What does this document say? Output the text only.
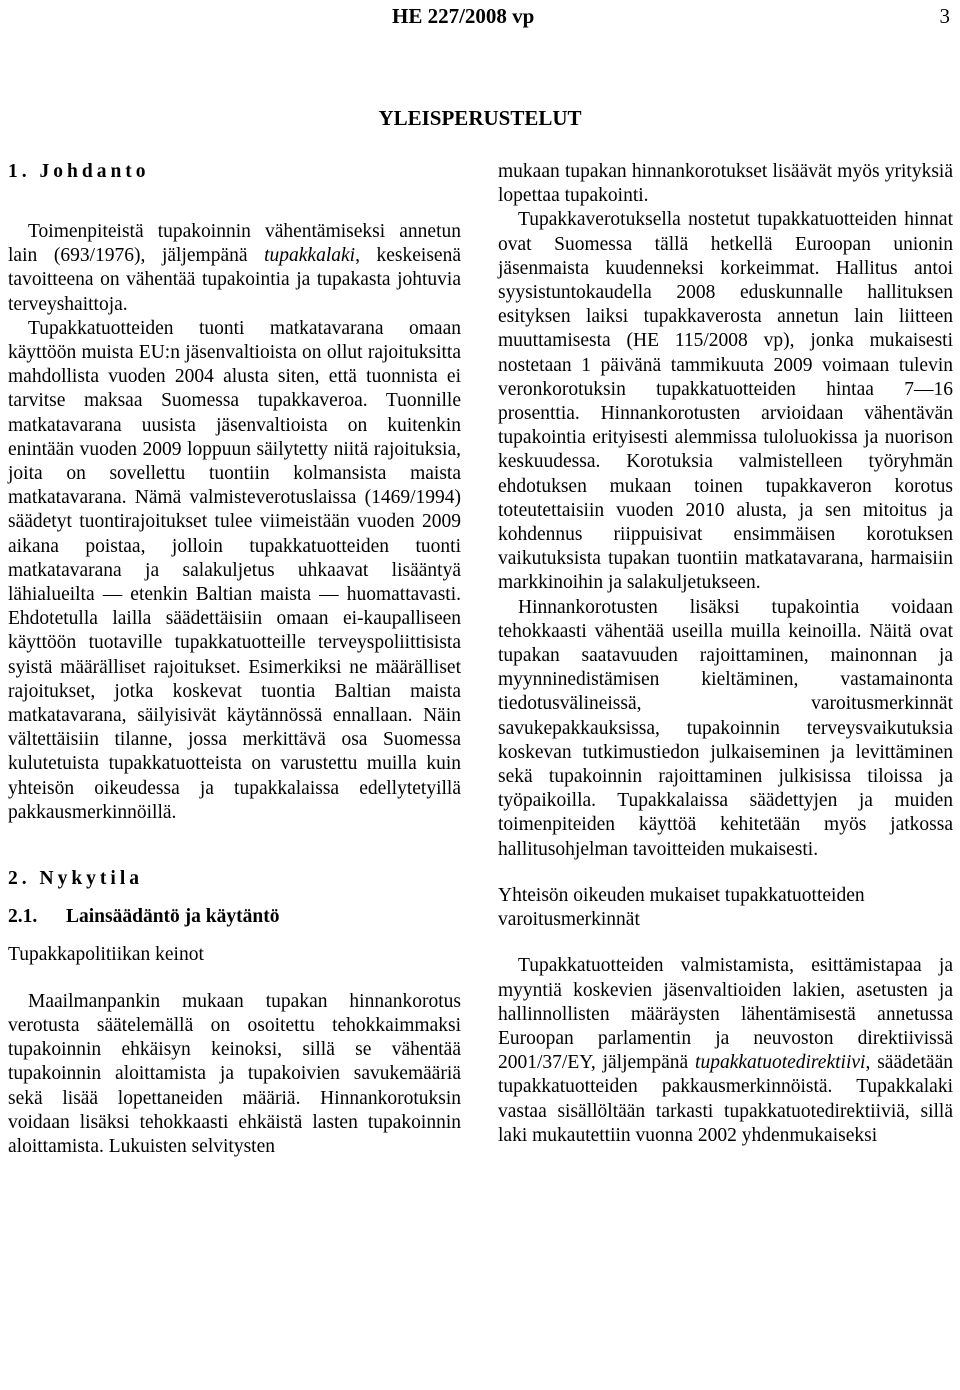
HE 227/2008 vp	3
YLEISPERUSTELUT
1. Johdanto

Toimenpiteistä tupakoinnin vähentämiseksi annetun lain (693/1976), jäljempänä tupakkalaki, keskeisenä tavoitteena on vähentää tupakointia ja tupakasta johtuvia terveyshaittoja.

Tupakkatuotteiden tuonti matkatavarana omaan käyttöön muista EU:n jäsenvaltioista on ollut rajoituksitta mahdollista vuoden 2004 alusta siten, että tuonnista ei tarvitse maksaa Suomessa tupakkaveroa. Tuonnille matkatavarana uusista jäsenvaltioista on kuitenkin enintään vuoden 2009 loppuun säilytetty niitä rajoituksia, joita on sovellettu tuontiin kolmansista maista matkatavarana. Nämä valmisteverotuslaissa (1469/1994) säädetyt tuontirajoitukset tulee viimeistään vuoden 2009 aikana poistaa, jolloin tupakkatuotteiden tuonti matkatavarana ja salakuljetus uhkaavat lisääntyä lähialueilta ― etenkin Baltian maista ― huomattavasti. Ehdotetulla lailla säädettäisiin omaan ei-kaupalliseen käyttöön tuotaville tupakkatuotteille terveyspoliittisista syistä määrälliset rajoitukset. Esimerkiksi ne määrälliset rajoitukset, jotka koskevat tuontia Baltian maista matkatavarana, säilyisivät käytännössä ennallaan. Näin vältettäisiin tilanne, jossa merkittävä osa Suomessa kulutetuista tupakkatuotteista on varustettu muilla kuin yhteisön oikeudessa ja tupakkalaissa edellytetyillä pakkausmerkinnöillä.

2. Nykytila
2.1. Lainsäädäntö ja käytäntö
Tupakkapolitiikan keinot

Maailmanpankin mukaan tupakan hinnankorotus verotusta säätelemällä on osoitettu tehokkaimmaksi tupakoinnin ehkäisyn keinoksi, sillä se vähentää tupakoinnin aloittamista ja tupakoivien savukemääriä sekä lisää lopettaneiden määriä. Hinnankorotuksin voidaan lisäksi tehokkaasti ehkäistä lasten tupakoinnin aloittamista. Lukuisten selvitysten

mukaan tupakan hinnankorotukset lisäävät myös yrityksiä lopettaa tupakointi.

Tupakkaverotuksella nostetut tupakkatuotteiden hinnat ovat Suomessa tällä hetkellä Euroopan unionin jäsenmaista kuudenneksi korkeimmat. Hallitus antoi syysistuntokaudella 2008 eduskunnalle hallituksen esityksen laiksi tupakkaverosta annetun lain liitteen muuttamisesta (HE 115/2008 vp), jonka mukaisesti nostetaan 1 päivänä tammikuuta 2009 voimaan tulevin veronkorotuksin tupakkatuotteiden hintaa 7—16 prosenttia. Hinnankorotusten arvioidaan vähentävän tupakointia erityisesti alemmissa tuloluokissa ja nuorison keskuudessa. Korotuksia valmistelleen työryhmän ehdotuksen mukaan toinen tupakkaveron korotus toteutettaisiin vuoden 2010 alusta, ja sen mitoitus ja kohdennus riippuisivat ensimmäisen korotuksen vaikutuksista tupakan tuontiin matkatavarana, harmaisiin markkinoihin ja salakuljetukseen.

Hinnankorotusten lisäksi tupakointia voidaan tehokkaasti vähentää useilla muilla keinoilla. Näitä ovat tupakan saatavuuden rajoittaminen, mainonnan ja myynninedistämisen kieltäminen, vastamainonta tiedotusvälineissä, varoitusmerkinnät savukepakkauksissa, tupakoinnin terveysvaikutuksia koskevan tutkimustiedon julkaiseminen ja levittäminen sekä tupakoinnin rajoittaminen julkisissa tiloissa ja työpaikoilla. Tupakkalaissa säädettyjen ja muiden toimenpiteiden käyttöä kehitetään myös jatkossa hallitusohjelman tavoitteiden mukaisesti.

Yhteisön oikeuden mukaiset tupakkatuotteiden varoitusmerkinnät

Tupakkatuotteiden valmistamista, esittämistapaa ja myyntiä koskevien jäsenvaltioiden lakien, asetusten ja hallinnollisten määräysten lähentämisestä annetussa Euroopan parlamentin ja neuvoston direktiivissä 2001/37/EY, jäljempänä tupakkatuotedirektiivi, säädetään tupakkatuotteiden pakkausmerkinnöistä. Tupakkalaki vastaa sisällöltään tarkasti tupakkatuotedirektiiviä, sillä laki mukautettiin vuonna 2002 yhdenmukaiseksi
